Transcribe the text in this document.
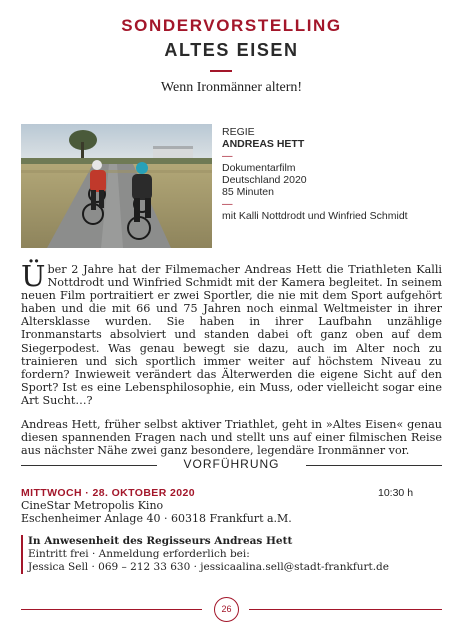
SONDERVORSTELLING
ALTES EISEN
Wenn Ironmänner altern!
REGIE
ANDREAS HETT
—
Dokumentarfilm
Deutschland 2020
85 Minuten
—
mit Kalli Nottdrodt und Winfried Schmidt

Über 2 Jahre hat der Filmemacher Andreas Hett die Triathleten Kalli Nottdrodt und Winfried Schmidt mit der Kamera begleitet. In seinem neuen Film portraitiert er zwei Sportler, die nie mit dem Sport aufgehört haben und die mit 66 und 75 Jahren noch einmal Weltmeister in ihrer Altersklasse wurden. Sie haben in ihrer Laufbahn unzählige Ironmanstarts absolviert und standen dabei oft ganz oben auf dem Siegerpodest. Was genau bewegt sie dazu, auch im Alter noch zu trainieren und sich sportlich immer weiter auf höchstem Niveau zu fordern? Inwieweit verändert das Älterwerden die eigene Sicht auf den Sport? Ist es eine Lebensphilosophie, ein Muss, oder vielleicht sogar eine Art Sucht…?

Andreas Hett, früher selbst aktiver Triathlet, geht in »Altes Eisen« genau diesen spannenden Fragen nach und stellt uns auf einer filmischen Reise aus nächster Nähe zwei ganz besondere, legendäre Ironmänner vor.

VORFÜHRUNG
MITTWOCH · 28. OKTOBER 2020	10:30 h
CineStar Metropolis Kino
Eschenheimer Anlage 40 · 60318 Frankfurt a.M.
In Anwesenheit des Regisseurs Andreas Hett
Eintritt frei · Anmeldung erforderlich bei:
Jessica Sell · 069 – 212 33 630 · jessicaalina.sell@stadt-frankfurt.de
26
